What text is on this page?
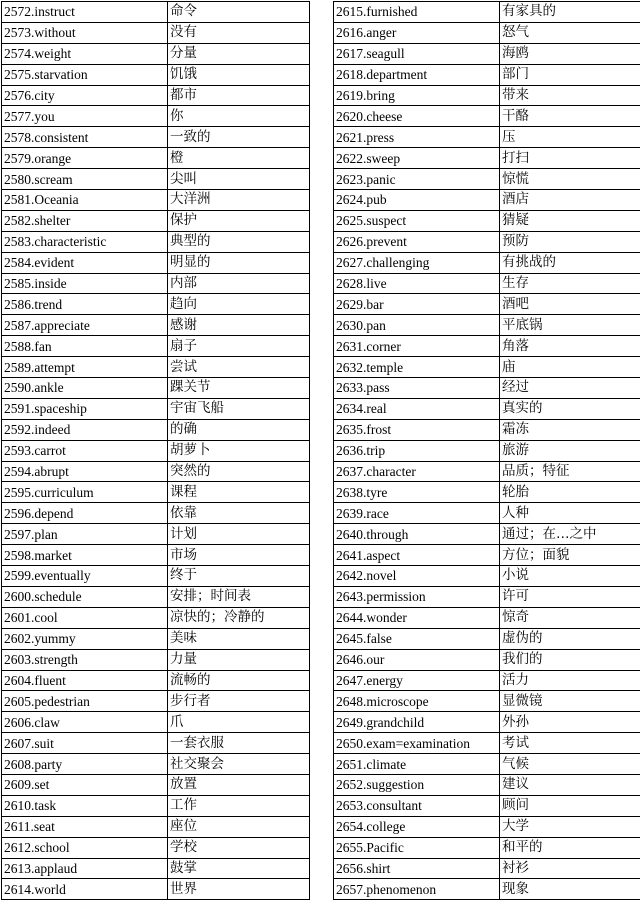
2572.instruct	命令
2573.without	没有
2574.weight	分量
2575.starvation	饥饿
2576.city	都市
2577.you	你
2578.consistent	一致的
2579.orange	橙
2580.scream	尖叫
2581.Oceania	大洋洲
2582.shelter	保护
2583.characteristic	典型的
2584.evident	明显的
2585.inside	内部
2586.trend	趋向
2587.appreciate	感谢
2588.fan	扇子
2589.attempt	尝试
2590.ankle	踝关节
2591.spaceship	宇宙飞船
2592.indeed	的确
2593.carrot	胡萝卜
2594.abrupt	突然的
2595.curriculum	课程
2596.depend	依靠
2597.plan	计划
2598.market	市场
2599.eventually	终于
2600.schedule	安排；时间表
2601.cool	凉快的；冷静的
2602.yummy	美味
2603.strength	力量
2604.fluent	流畅的
2605.pedestrian	步行者
2606.claw	爪
2607.suit	一套衣服
2608.party	社交聚会
2609.set	放置
2610.task	工作
2611.seat	座位
2612.school	学校
2613.applaud	鼓掌
2614.world	世界
2615.furnished	有家具的
2616.anger	怒气
2617.seagull	海鸥
2618.department	部门
2619.bring	带来
2620.cheese	干酪
2621.press	压
2622.sweep	打扫
2623.panic	惊慌
2624.pub	酒店
2625.suspect	猜疑
2626.prevent	预防
2627.challenging	有挑战的
2628.live	生存
2629.bar	酒吧
2630.pan	平底锅
2631.corner	角落
2632.temple	庙
2633.pass	经过
2634.real	真实的
2635.frost	霜冻
2636.trip	旅游
2637.character	品质；特征
2638.tyre	轮胎
2639.race	人种
2640.through	通过；在…之中
2641.aspect	方位；面貌
2642.novel	小说
2643.permission	许可
2644.wonder	惊奇
2645.false	虚伪的
2646.our	我们的
2647.energy	活力
2648.microscope	显微镜
2649.grandchild	外孙
2650.exam=examination	考试
2651.climate	气候
2652.suggestion	建议
2653.consultant	顾问
2654.college	大学
2655.Pacific	和平的
2656.shirt	衬衫
2657.phenomenon	现象
